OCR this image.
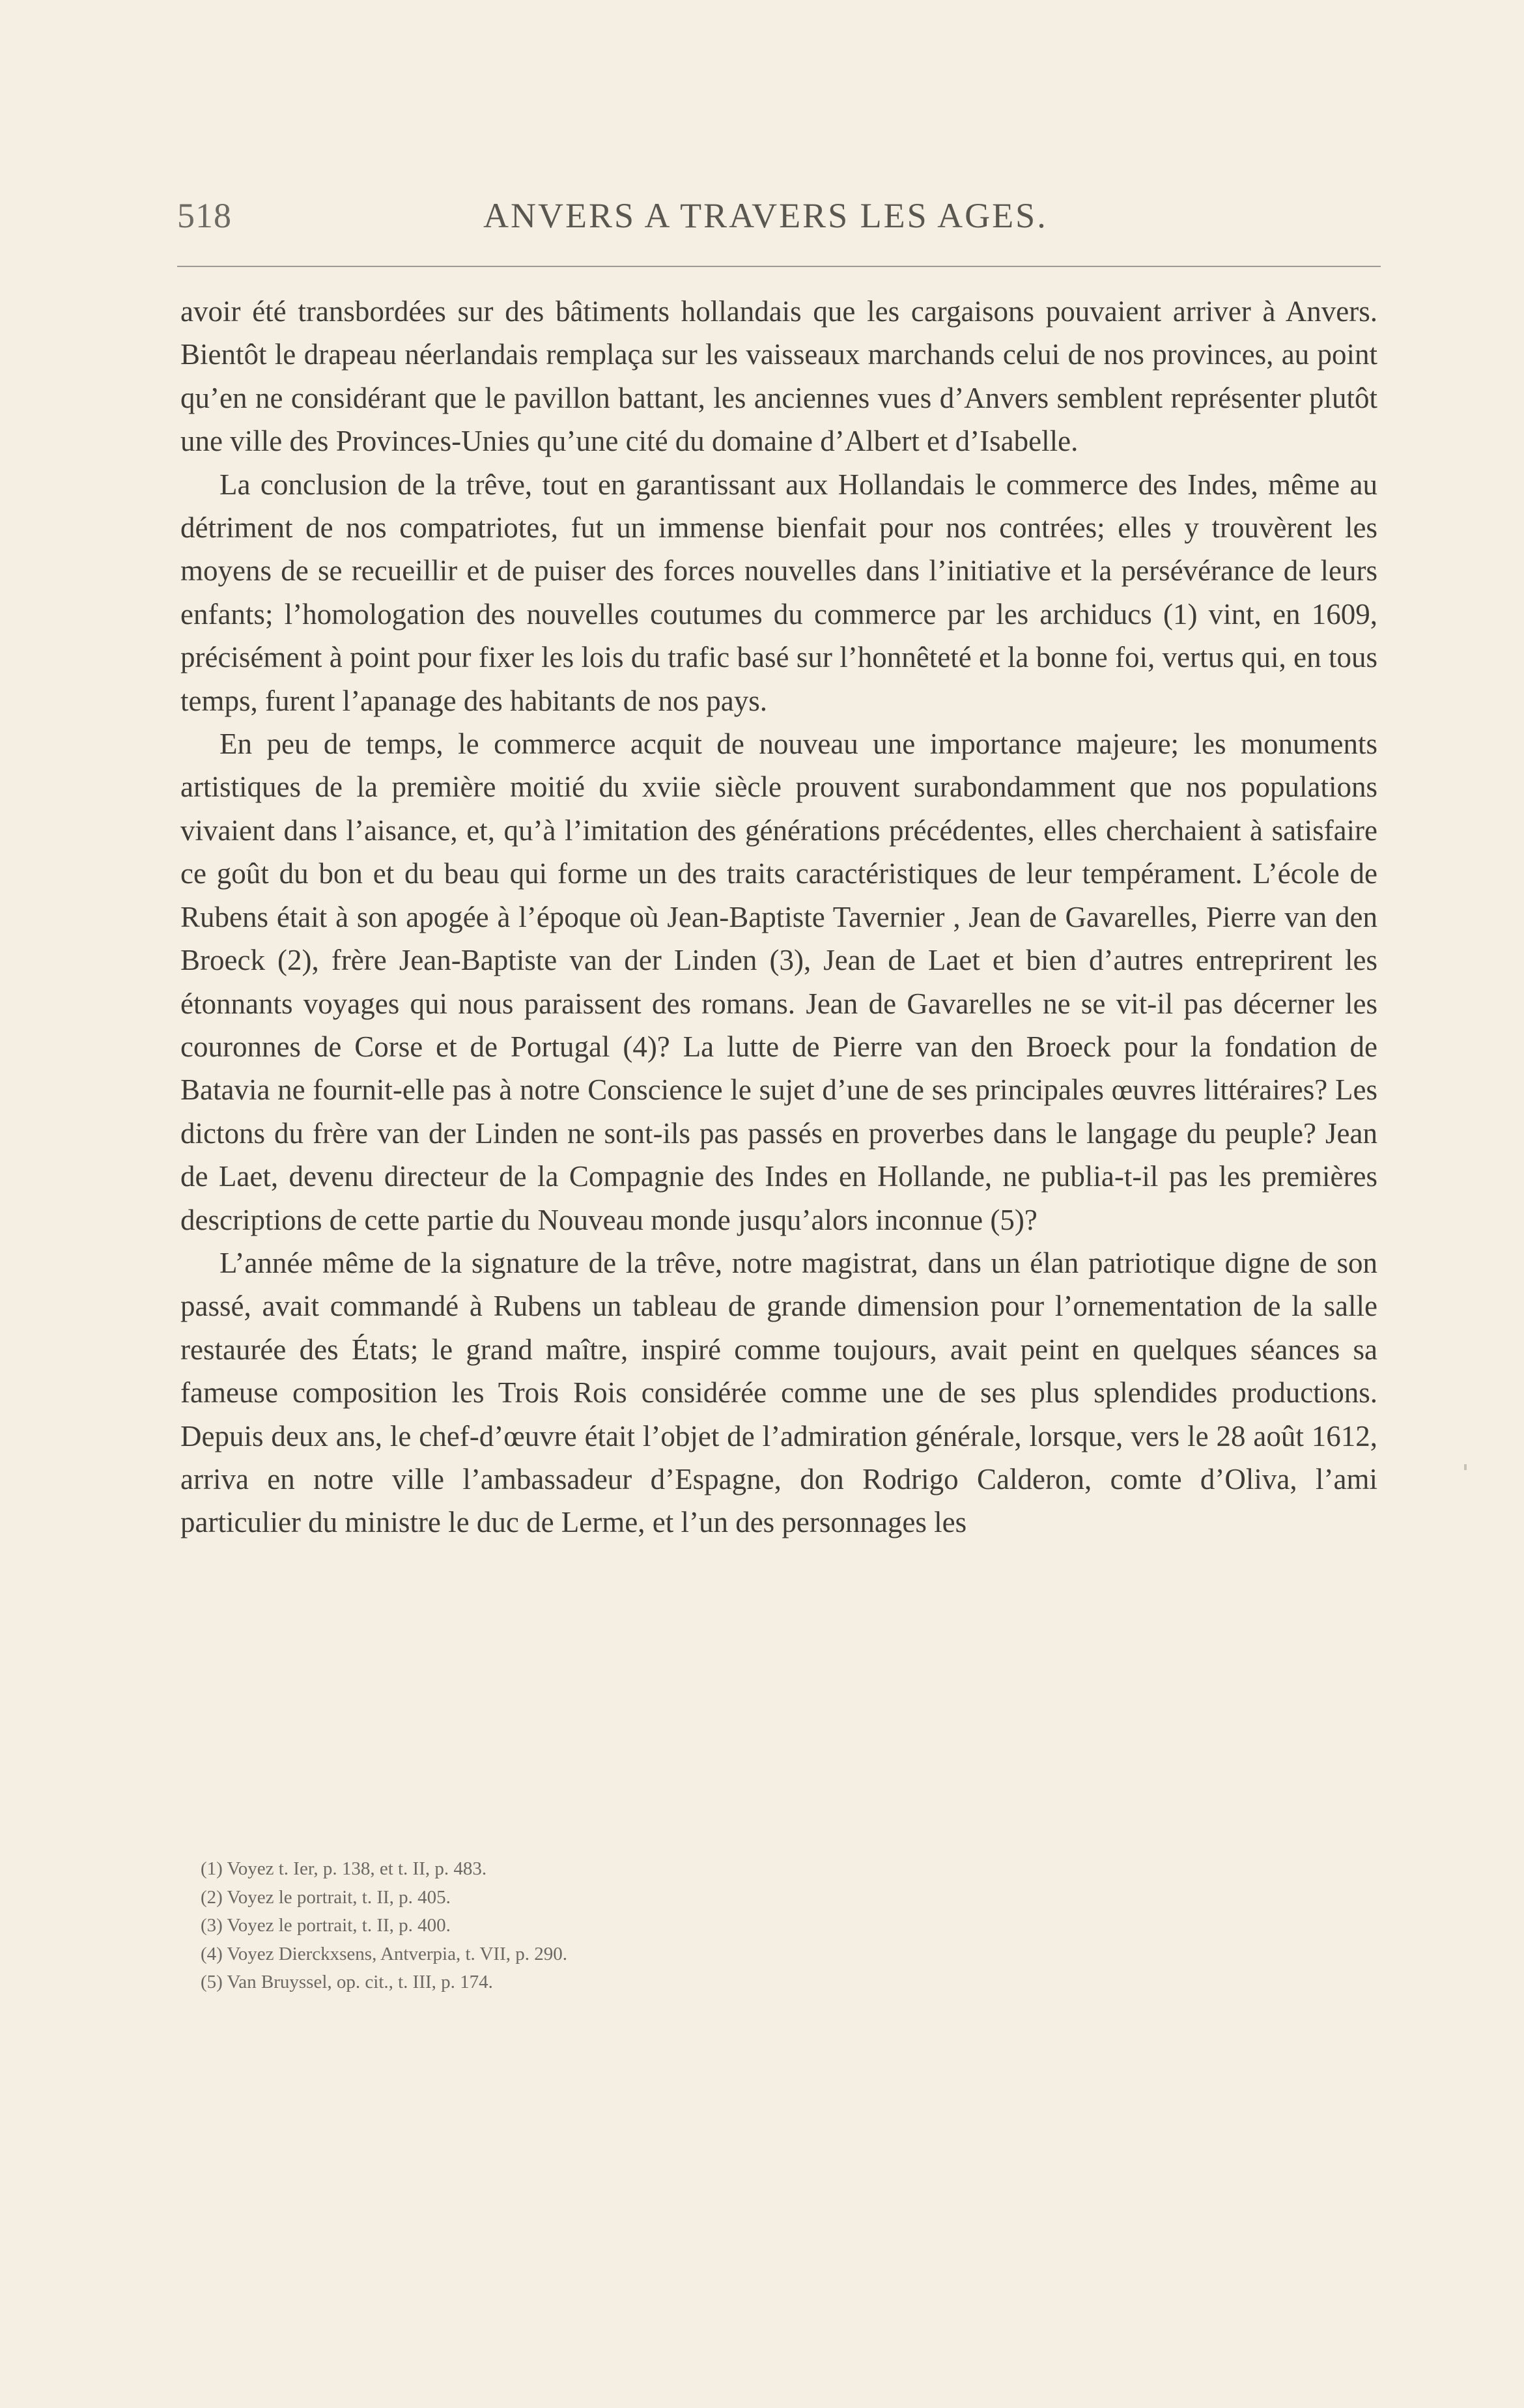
518	ANVERS A TRAVERS LES AGES.

avoir été transbordées sur des bâtiments hollandais que les cargaisons pouvaient arriver à Anvers. Bientôt le drapeau néerlandais remplaça sur les vaisseaux marchands celui de nos provinces, au point qu’en ne considérant que le pavillon battant, les anciennes vues d’Anvers semblent représenter plutôt une ville des Provinces-Unies qu’une cité du domaine d’Albert et d’Isabelle.

La conclusion de la trêve, tout en garantissant aux Hollandais le commerce des Indes, même au détriment de nos compatriotes, fut un immense bienfait pour nos contrées; elles y trouvèrent les moyens de se recueillir et de puiser des forces nouvelles dans l’initiative et la persévérance de leurs enfants; l’homologation des nouvelles coutumes du commerce par les archiducs (1) vint, en 1609, précisément à point pour fixer les lois du trafic basé sur l’honnêteté et la bonne foi, vertus qui, en tous temps, furent l’apanage des habitants de nos pays.

En peu de temps, le commerce acquit de nouveau une importance majeure; les monuments artistiques de la première moitié du xviie siècle prouvent surabondamment que nos populations vivaient dans l’aisance, et, qu’à l’imitation des générations précédentes, elles cherchaient à satisfaire ce goût du bon et du beau qui forme un des traits caractéristiques de leur tempérament. L’école de Rubens était à son apogée à l’époque où Jean-Baptiste Tavernier , Jean de Gavarelles, Pierre van den Broeck (2), frère Jean-Baptiste van der Linden (3), Jean de Laet et bien d’autres entreprirent les étonnants voyages qui nous paraissent des romans. Jean de Gavarelles ne se vit-il pas décerner les couronnes de Corse et de Portugal (4)? La lutte de Pierre van den Broeck pour la fondation de Batavia ne fournit-elle pas à notre Conscience le sujet d’une de ses principales œuvres littéraires? Les dictons du frère van der Linden ne sont-ils pas passés en proverbes dans le langage du peuple? Jean de Laet, devenu directeur de la Compagnie des Indes en Hollande, ne publia-t-il pas les premières descriptions de cette partie du Nouveau monde jusqu’alors inconnue (5)?

L’année même de la signature de la trêve, notre magistrat, dans un élan patriotique digne de son passé, avait commandé à Rubens un tableau de grande dimension pour l’ornementation de la salle restaurée des États; le grand maître, inspiré comme toujours, avait peint en quelques séances sa fameuse composition les Trois Rois considérée comme une de ses plus splendides productions. Depuis deux ans, le chef-d’œuvre était l’objet de l’admiration générale, lorsque, vers le 28 août 1612, arriva en notre ville l’ambassadeur d’Espagne, don Rodrigo Calderon, comte d’Oliva, l’ami particulier du ministre le duc de Lerme, et l’un des personnages les

(1) Voyez t. Ier, p. 138, et t. II, p. 483.

(2) Voyez le portrait, t. II, p. 405.

(3) Voyez le portrait, t. II, p. 400.

(4) Voyez Dierckxsens, Antverpia, t. VII, p. 290.

(5) Van Bruyssel, op. cit., t. III, p. 174.
